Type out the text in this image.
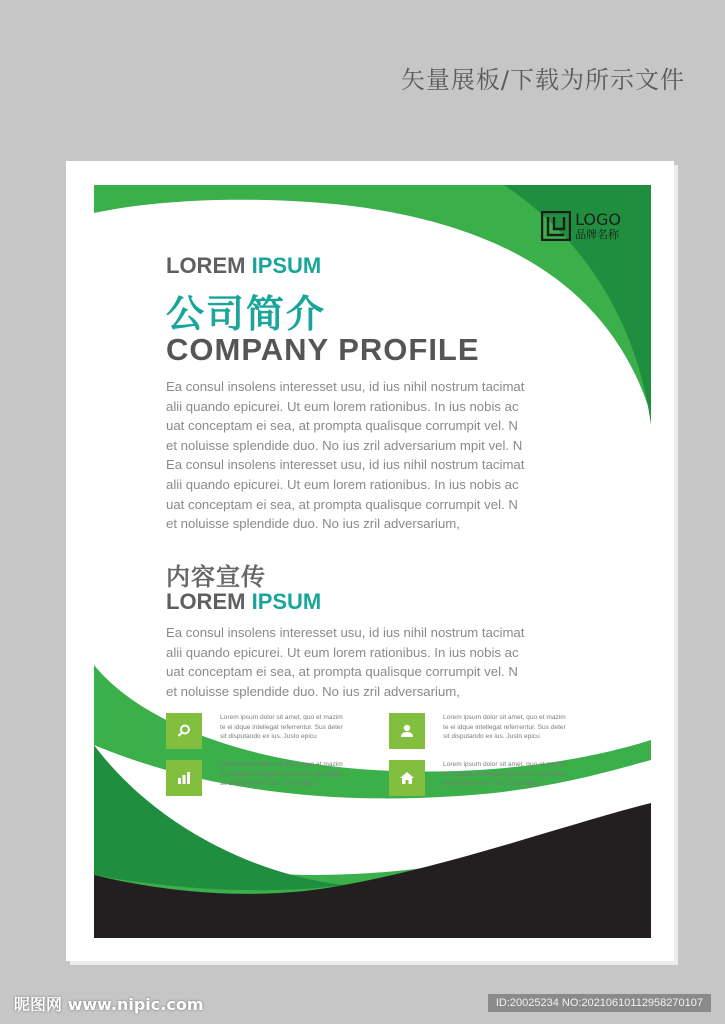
矢量展板/下载为所示文件
LOGO
品牌名称
LOREM IPSUM
公司简介
COMPANY PROFILE

Ea consul insolens interesset usu, id ius nihil nostrum tacimat

alii quando epicurei. Ut eum lorem rationibus. In ius nobis ac

uat conceptam ei sea, at prompta qualisque corrumpit vel. N

et noluisse splendide duo. No ius zril adversarium mpit vel. N

Ea consul insolens interesset usu, id ius nihil nostrum tacimat

alii quando epicurei. Ut eum lorem rationibus. In ius nobis ac

uat conceptam ei sea, at prompta qualisque corrumpit vel. N

et noluisse splendide duo. No ius zril adversarium,

内容宣传
LOREM IPSUM

Ea consul insolens interesset usu, id ius nihil nostrum tacimat

alii quando epicurei. Ut eum lorem rationibus. In ius nobis ac

uat conceptam ei sea, at prompta qualisque corrumpit vel. N

et noluisse splendide duo. No ius zril adversarium,

Lorem ipsum dolor sit amet, quo et mazim

te ei idque intellegat referrentur. Sus deter

sit disputando ex ius. Justo epicu

Lorem ipsum dolor sit amet, quo et mazim

te ei idque intellegat referrentur. Sus deter

sit disputando ex ius. Justo epicu

Lorem ipsum dolor sit amet, quo et mazim

te ei idque intellegat referrentur. Sus deter

sit disputando ex ius. Justo epicu

Lorem ipsum dolor sit amet, quo et mazim

te ei idque intellegat referrentur. Sus deter

sit disputando ex ius. Justo epicu

昵图网 www.nipic.com	ID:20025234 NO:20210610112958270107
